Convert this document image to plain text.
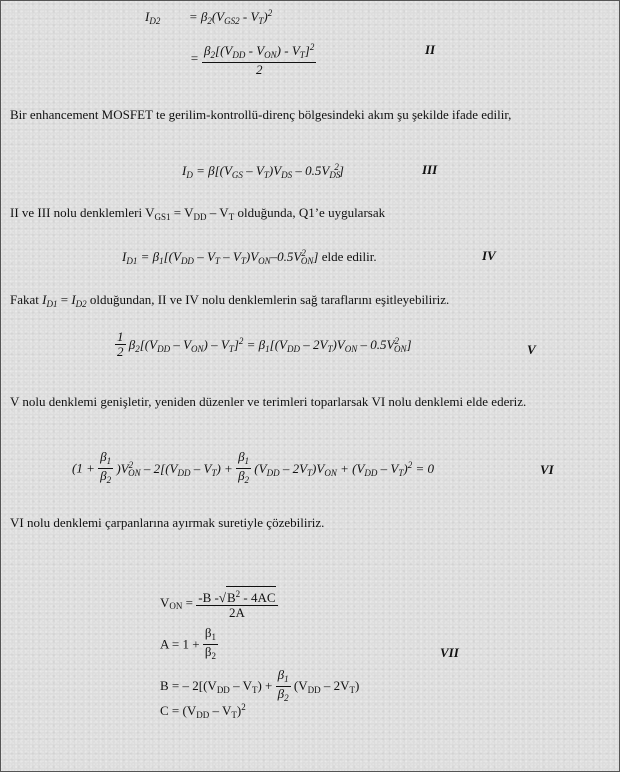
$I_{D2} = \beta_2(V_{GS2} - V_T)^2$
= $\frac{\beta_2[(V_{DD} - V_{ON}) - V_T]^2}{2}$	II
Bir enhancement MOSFET te gerilim-kontrollü-direnç bölgesindeki akım şu şekilde ifade edilir,
$I_D = \beta[(V_{GS} - V_T)V_{DS} - 0.5V_{DS}^2]$	III
II ve III nolu denklemleri $V_{GS1} = V_{DD} - V_T$ olduğunda, Q1’e uygularsak
$I_{D1} = \beta_1[(V_{DD} - V_T - V_T)V_{ON}-0.5V^2_{ON}]$ elde edilir.	IV
Fakat $I_{D1} = I_{D2}$ olduğundan, II ve IV nolu denklemlerin sağ taraflarını eşitleyebiliriz.
$\frac{1}{2} \beta_2[(V_{DD} - V_{ON}) - V_T]^2 = \beta_1[(V_{DD} - 2V_T)V_{ON} - 0.5V^2_{ON}]$	V
V nolu denklemi genişletir, yeniden düzenler ve terimleri toparlarsak VI nolu denklemi elde ederiz.
$(1 + \frac{\beta_1}{\beta_2} )V^2_{ON} - 2[(V_{DD} - V_T) + \frac{\beta_1}{\beta_2} (V_{DD} - 2V_T)V_{ON} + (V_{DD} - V_T)^2 = 0$	VI
VI nolu denklemi çarpanlarına ayırmak suretiyle çözebiliriz.
$V_{ON} = \frac{-B -√B^2 - 4AC}{2A}$
$A = 1 + \frac{\beta_1}{\beta_2}$	VII
B = – $2[(V_{DD} - V_T) + \frac{\beta_1}{\beta_2} (V_{DD} - 2V_T)$
$C = (V_{DD} - V_T)^2$
